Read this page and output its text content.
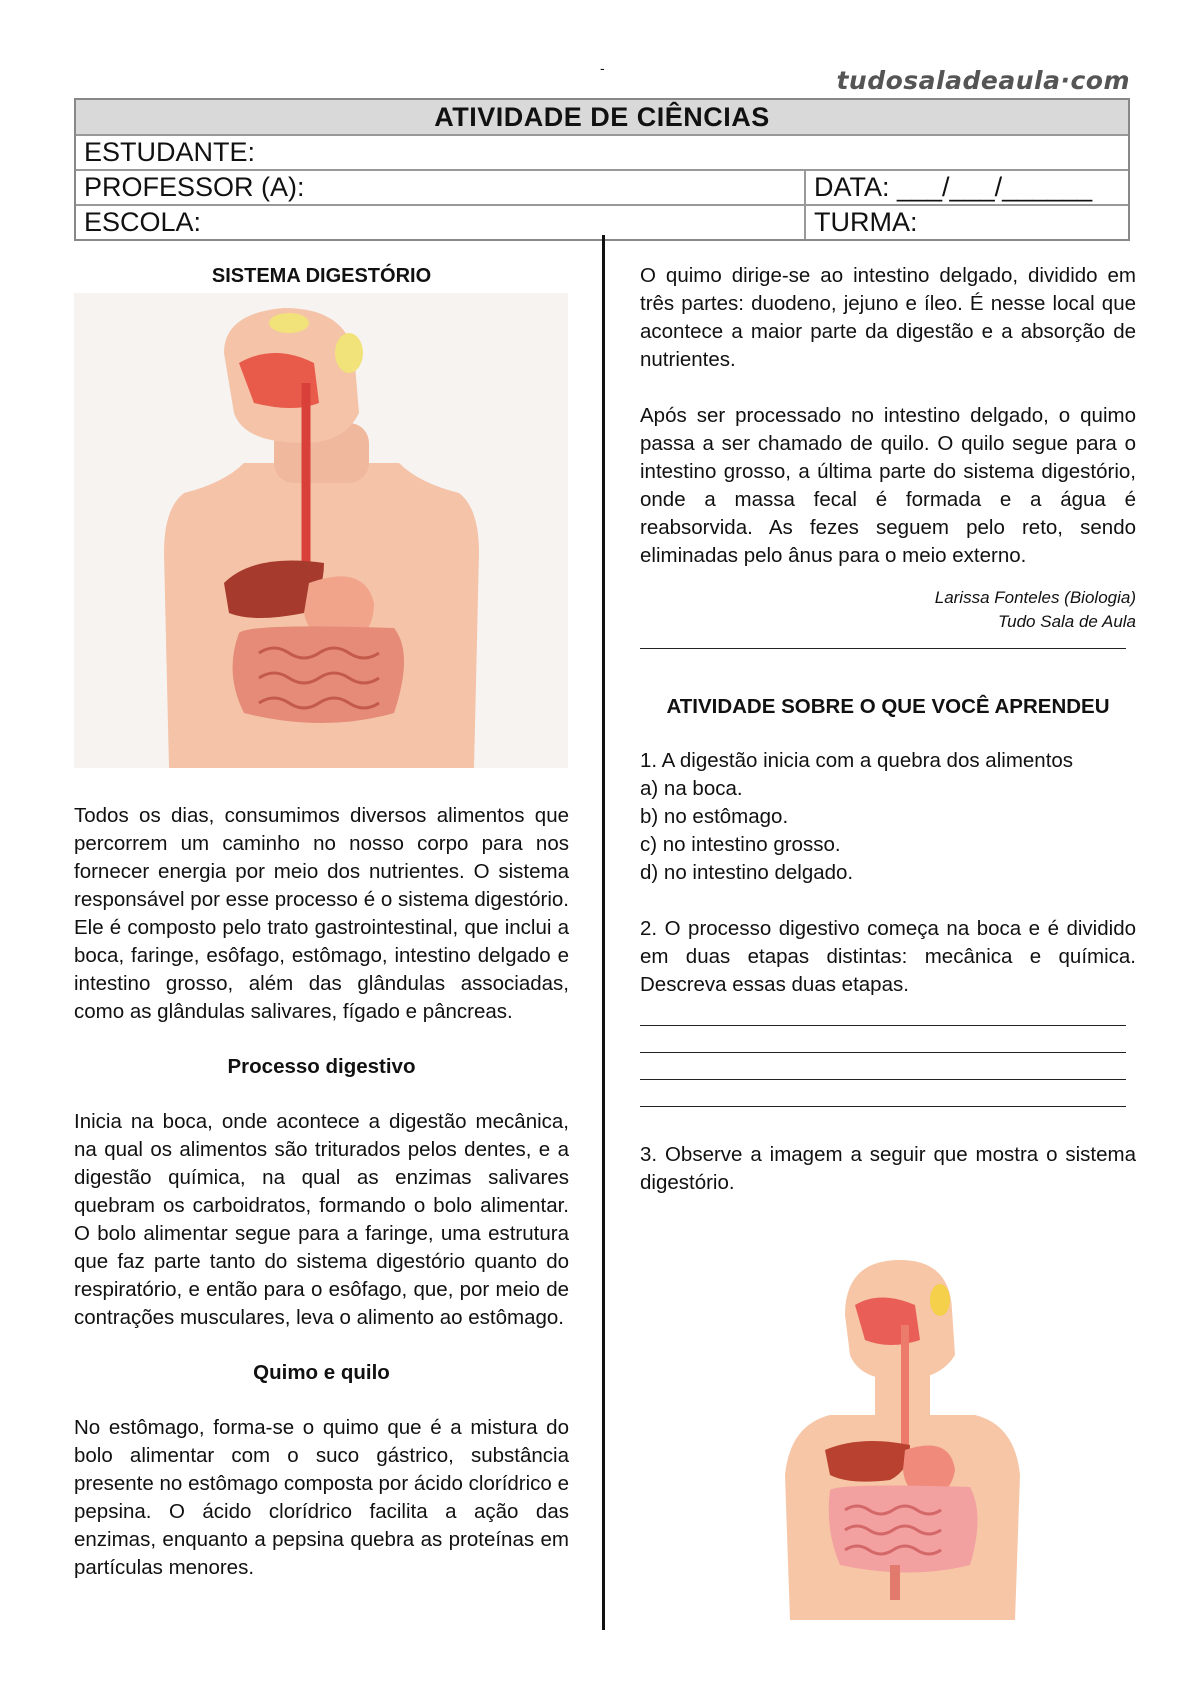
-	tudosaladeaula·com
ATIVIDADE DE CIÊNCIAS
ESTUDANTE:
PROFESSOR (A):	DATA: ___/___/______
ESCOLA:	TURMA:
SISTEMA DIGESTÓRIO

Todos os dias, consumimos diversos alimentos que percorrem um caminho no nosso corpo para nos fornecer energia por meio dos nutrientes. O sistema responsável por esse processo é o sistema digestório. Ele é composto pelo trato gastrointestinal, que inclui a boca, faringe, esôfago, estômago, intestino delgado e intestino grosso, além das glândulas associadas, como as glândulas salivares, fígado e pâncreas.

Processo digestivo

Inicia na boca, onde acontece a digestão mecânica, na qual os alimentos são triturados pelos dentes, e a digestão química, na qual as enzimas salivares quebram os carboidratos, formando o bolo alimentar. O bolo alimentar segue para a faringe, uma estrutura que faz parte tanto do sistema digestório quanto do respiratório, e então para o esôfago, que, por meio de contrações musculares, leva o alimento ao estômago.

Quimo e quilo

No estômago, forma-se o quimo que é a mistura do bolo alimentar com o suco gástrico, substância presente no estômago composta por ácido clorídrico e pepsina. O ácido clorídrico facilita a ação das enzimas, enquanto a pepsina quebra as proteínas em partículas menores.

O quimo dirige-se ao intestino delgado, dividido em três partes: duodeno, jejuno e íleo. É nesse local que acontece a maior parte da digestão e a absorção de nutrientes.

Após ser processado no intestino delgado, o quimo passa a ser chamado de quilo. O quilo segue para o intestino grosso, a última parte do sistema digestório, onde a massa fecal é formada e a água é reabsorvida. As fezes seguem pelo reto, sendo eliminadas pelo ânus para o meio externo.

Larissa Fonteles (Biologia)

Tudo Sala de Aula

ATIVIDADE SOBRE O QUE VOCÊ APRENDEU

1. A digestão inicia com a quebra dos alimentos

a) na boca.

b) no estômago.

c) no intestino grosso.

d) no intestino delgado.

2. O processo digestivo começa na boca e é dividido em duas etapas distintas: mecânica e química. Descreva essas duas etapas.

3. Observe a imagem a seguir que mostra o sistema digestório.
